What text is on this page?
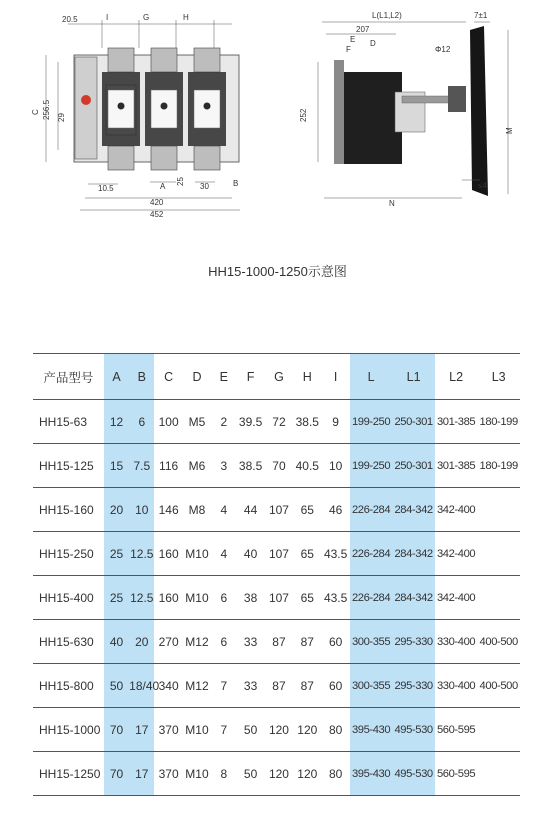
20.5	I	G	H
256.5
C
29
10.5	A
25
30	B
420
452
L(L1,L2)	7±1
207
D
E
F	Φ12
252
M
≤4
N
HH15-1000-1250示意图
产品型号	A	B	C	D	E	F	G	H	I	L	L1	L2	L3
HH15-63	12	6	100	M5	2	39.5	72	38.5	9	199-250	250-301	301-385	180-199
HH15-125	15	7.5	116	M6	3	38.5	70	40.5	10	199-250	250-301	301-385	180-199
HH15-160	20	10	146	M8	4	44	107	65	46	226-284	284-342	342-400	
HH15-250	25	12.5	160	M10	4	40	107	65	43.5	226-284	284-342	342-400	
HH15-400	25	12.5	160	M10	6	38	107	65	43.5	226-284	284-342	342-400	
HH15-630	40	20	270	M12	6	33	87	87	60	300-355	295-330	330-400	400-500
HH15-800	50	18/40	340	M12	7	33	87	87	60	300-355	295-330	330-400	400-500
HH15-1000	70	17	370	M10	7	50	120	120	80	395-430	495-530	560-595	
HH15-1250	70	17	370	M10	8	50	120	120	80	395-430	495-530	560-595	
